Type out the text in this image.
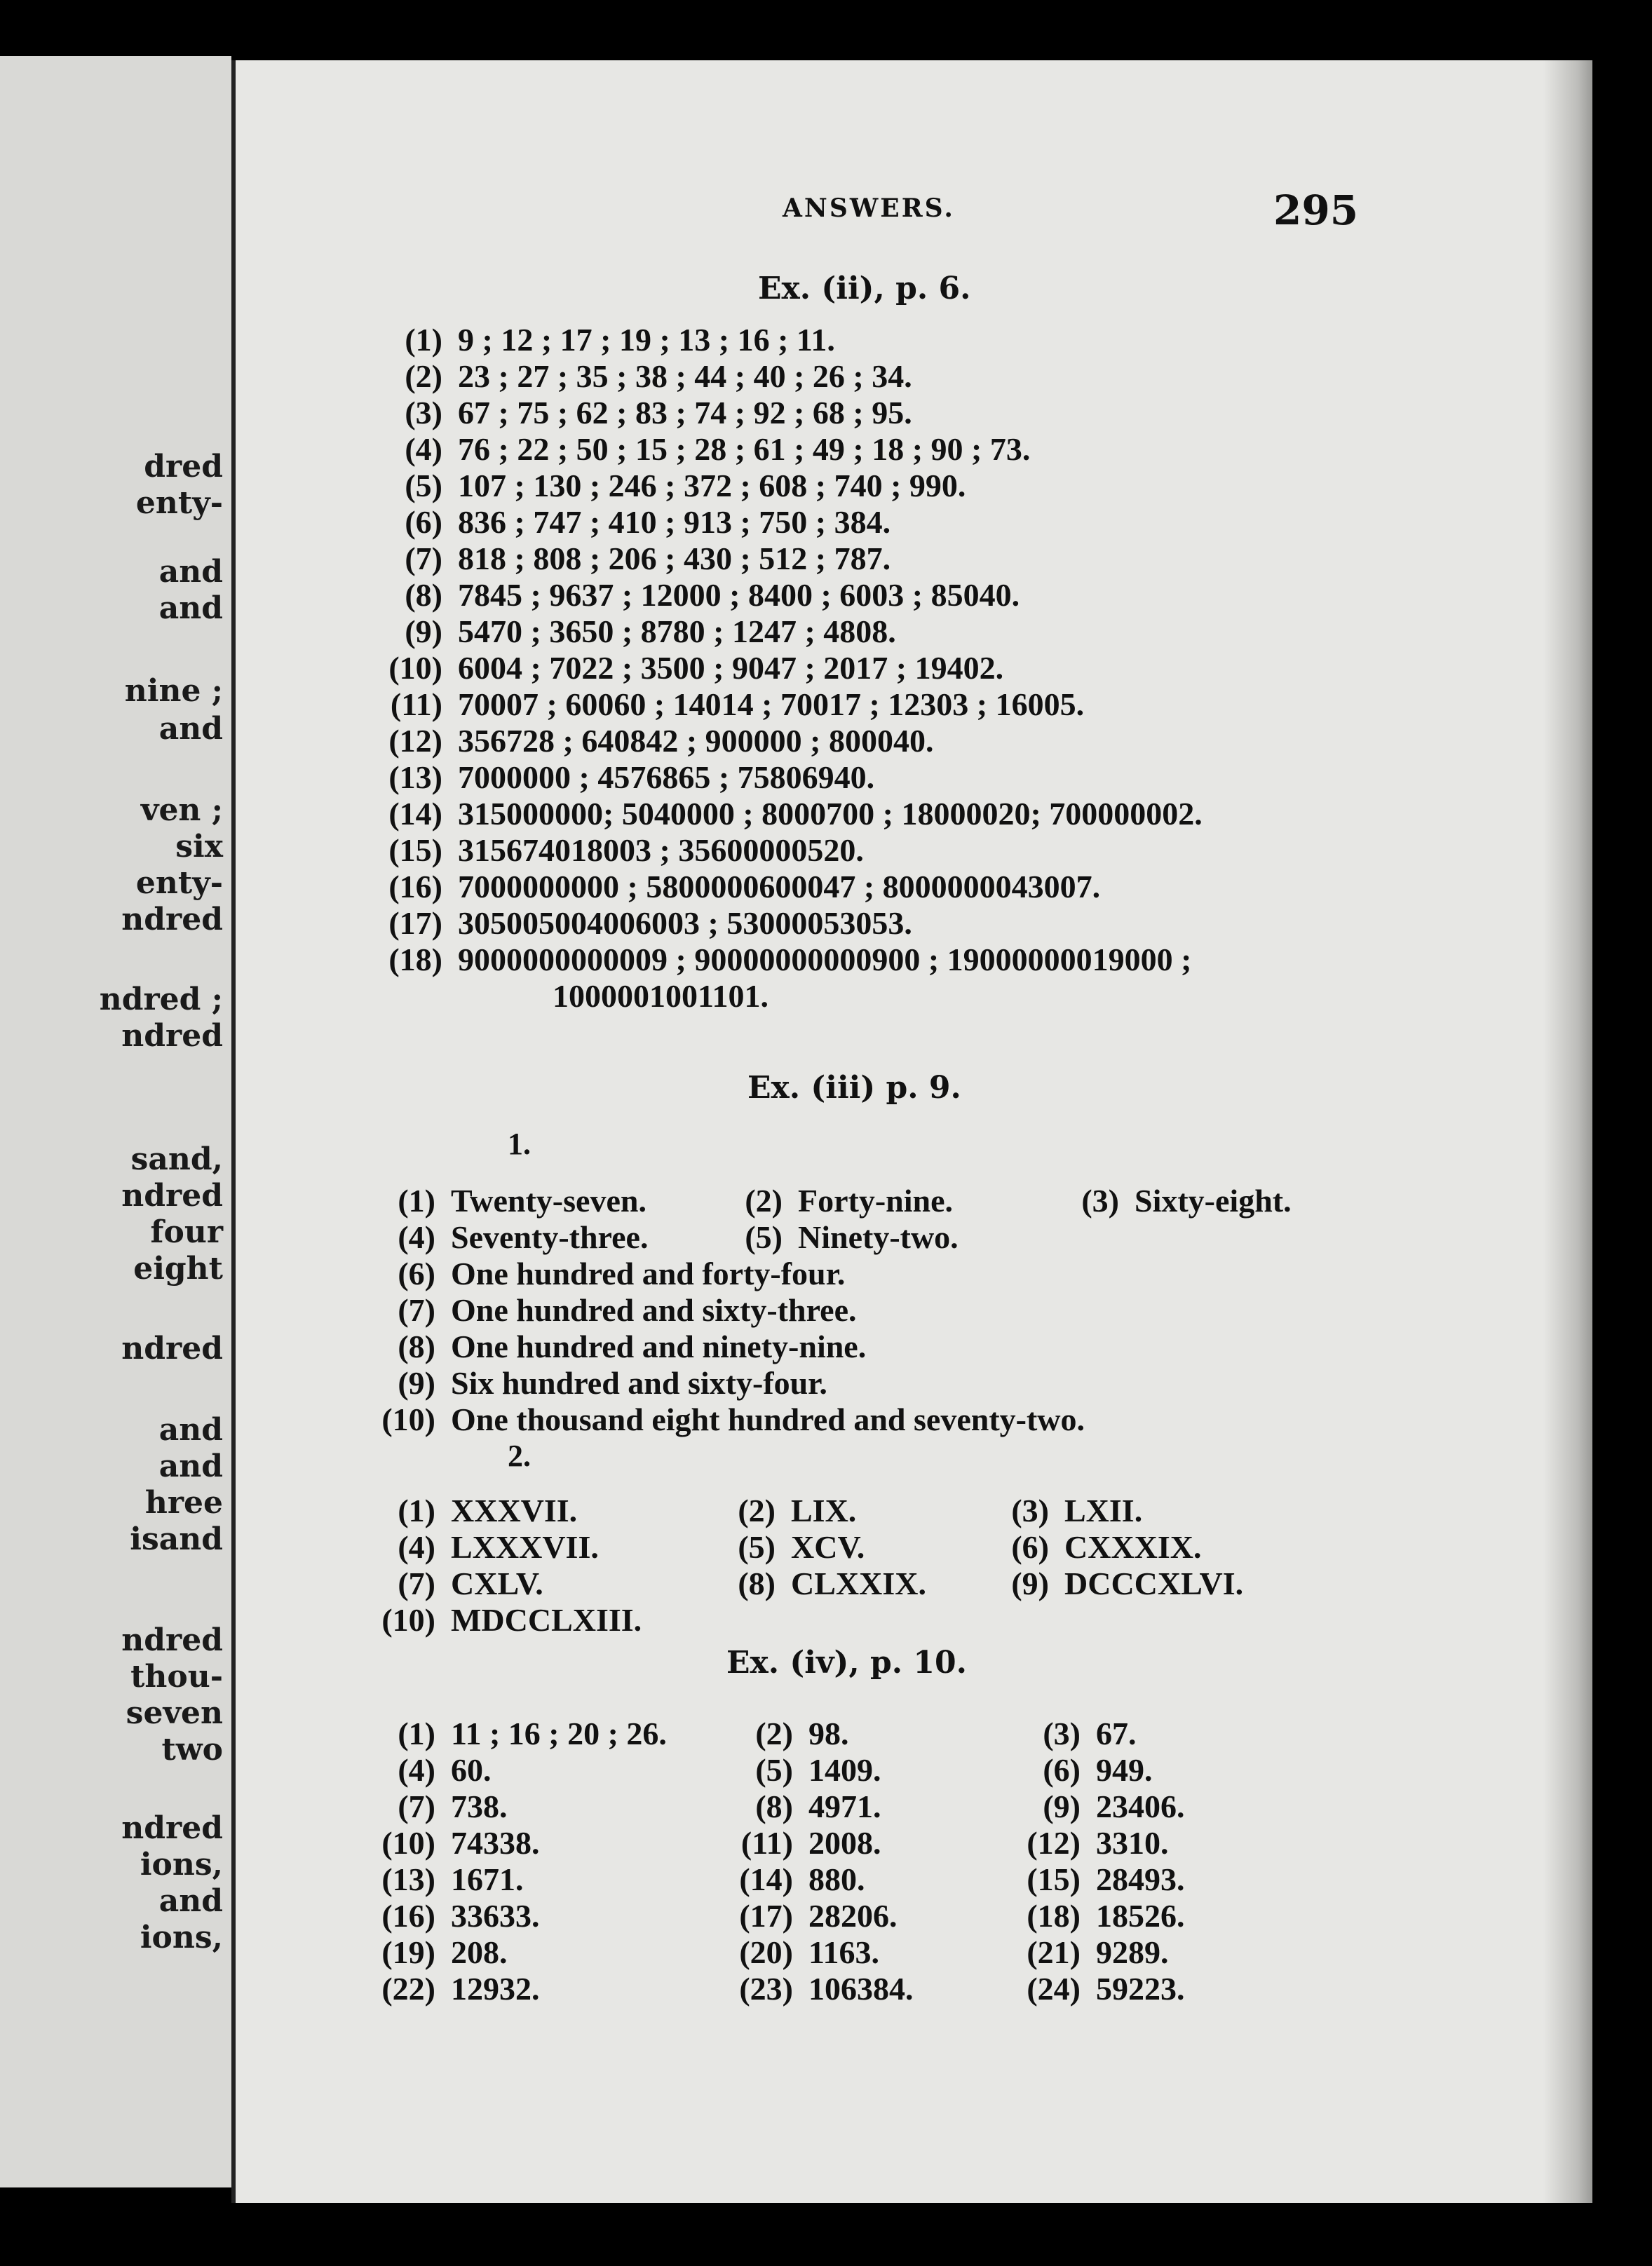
dred
enty-
and
and
nine ;
and
ven ;
six
enty-
ndred
ndred ;
ndred
sand,
ndred
four
eight
ndred
and
and
hree
isand
ndred
thou-
seven
two
ndred
ions,
and
ions,
ANSWERS.	295
Ex. (ii), p. 6.
(1) 9 ; 12 ; 17 ; 19 ; 13 ; 16 ; 11.
(2) 23 ; 27 ; 35 ; 38 ; 44 ; 40 ; 26 ; 34.
(3) 67 ; 75 ; 62 ; 83 ; 74 ; 92 ; 68 ; 95.
(4) 76 ; 22 ; 50 ; 15 ; 28 ; 61 ; 49 ; 18 ; 90 ; 73.
(5) 107 ; 130 ; 246 ; 372 ; 608 ; 740 ; 990.
(6) 836 ; 747 ; 410 ; 913 ; 750 ; 384.
(7) 818 ; 808 ; 206 ; 430 ; 512 ; 787.
(8) 7845 ; 9637 ; 12000 ; 8400 ; 6003 ; 85040.
(9) 5470 ; 3650 ; 8780 ; 1247 ; 4808.
(10) 6004 ; 7022 ; 3500 ; 9047 ; 2017 ; 19402.
(11) 70007 ; 60060 ; 14014 ; 70017 ; 12303 ; 16005.
(12) 356728 ; 640842 ; 900000 ; 800040.
(13) 7000000 ; 4576865 ; 75806940.
(14) 315000000; 5040000 ; 8000700 ; 18000020; 700000002.
(15) 315674018003 ; 35600000520.
(16) 7000000000 ; 5800000600047 ; 8000000043007.
(17) 305005004006003 ; 53000053053.
(18) 9000000000009 ; 90000000000900 ; 19000000019000 ;
1000001001101.
Ex. (iii) p. 9.
1.
(1) Twenty-seven.	(2) Forty-nine.	(3) Sixty-eight.
(4) Seventy-three.	(5) Ninety-two.
(6) One hundred and forty-four.
(7) One hundred and sixty-three.
(8) One hundred and ninety-nine.
(9) Six hundred and sixty-four.
(10) One thousand eight hundred and seventy-two.
2.
(1) XXXVII.	(2) LIX.	(3) LXII.
(4) LXXXVII.	(5) XCV.	(6) CXXXIX.
(7) CXLV.	(8) CLXXIX.	(9) DCCCXLVI.
(10) MDCCLXIII.
Ex. (iv), p. 10.
(1) 11 ; 16 ; 20 ; 26.	(2) 98.	(3) 67.
(4) 60.	(5) 1409.	(6) 949.
(7) 738.	(8) 4971.	(9) 23406.
(10) 74338.	(11) 2008.	(12) 3310.
(13) 1671.	(14) 880.	(15) 28493.
(16) 33633.	(17) 28206.	(18) 18526.
(19) 208.	(20) 1163.	(21) 9289.
(22) 12932.	(23) 106384.	(24) 59223.
